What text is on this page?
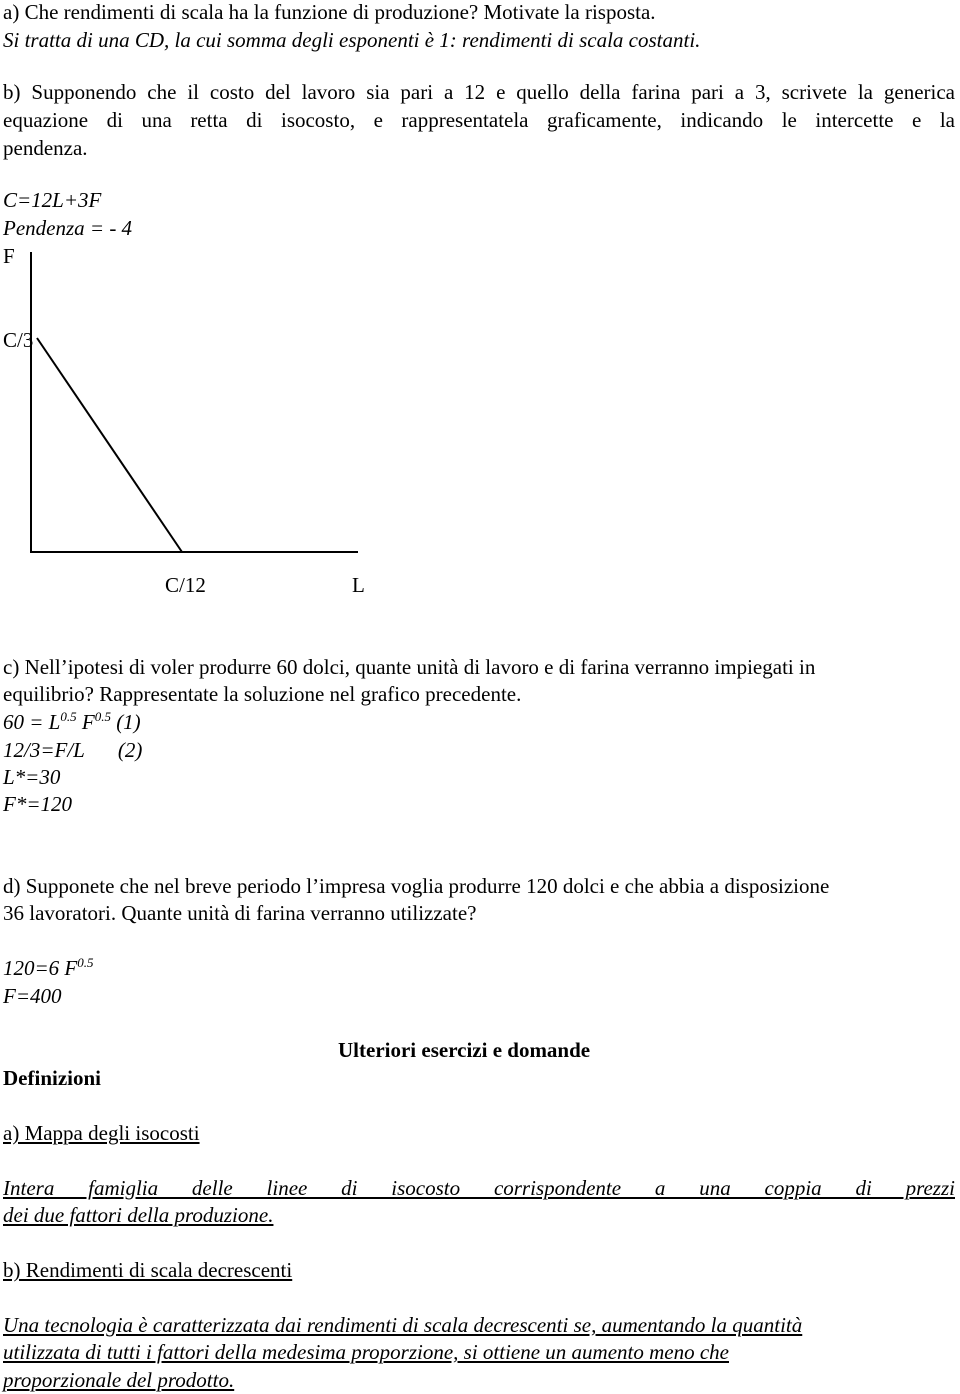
a) Che rendimenti di scala ha la funzione di produzione? Motivate la risposta.
Si tratta di una CD, la cui somma degli esponenti è 1: rendimenti di scala costanti.
b) Supponendo che il costo del lavoro sia pari a 12 e quello della farina pari a 3, scrivete la generica
equazione di una retta di isocosto, e rappresentatela graficamente, indicando le intercette e la
pendenza.
C=12L+3F
Pendenza = - 4
F
C/3
C/12	L
c) Nell’ipotesi di voler produrre 60 dolci, quante unità di lavoro e di farina verranno impiegati in
equilibrio? Rappresentate la soluzione nel grafico precedente.
$60 = L^{0.5}$ $F^{0.5}$ (1)
12/3=F/L (2)
L*=30
F*=120
d) Supponete che nel breve periodo l’impresa voglia produrre 120 dolci e che abbia a disposizione
36 lavoratori. Quante unità di farina verranno utilizzate?
120=6 $F^{0.5}$
F=400
Ulteriori esercizi e domande
Definizioni
a) Mappa degli isocosti
Intera famiglia delle linee di isocosto corrispondente a una coppia di prezzi
dei due fattori della produzione.
b) Rendimenti di scala decrescenti
Una tecnologia è caratterizzata dai rendimenti di scala decrescenti se, aumentando la quantità
utilizzata di tutti i fattori della medesima proporzione, si ottiene un aumento meno che
proporzionale del prodotto.
